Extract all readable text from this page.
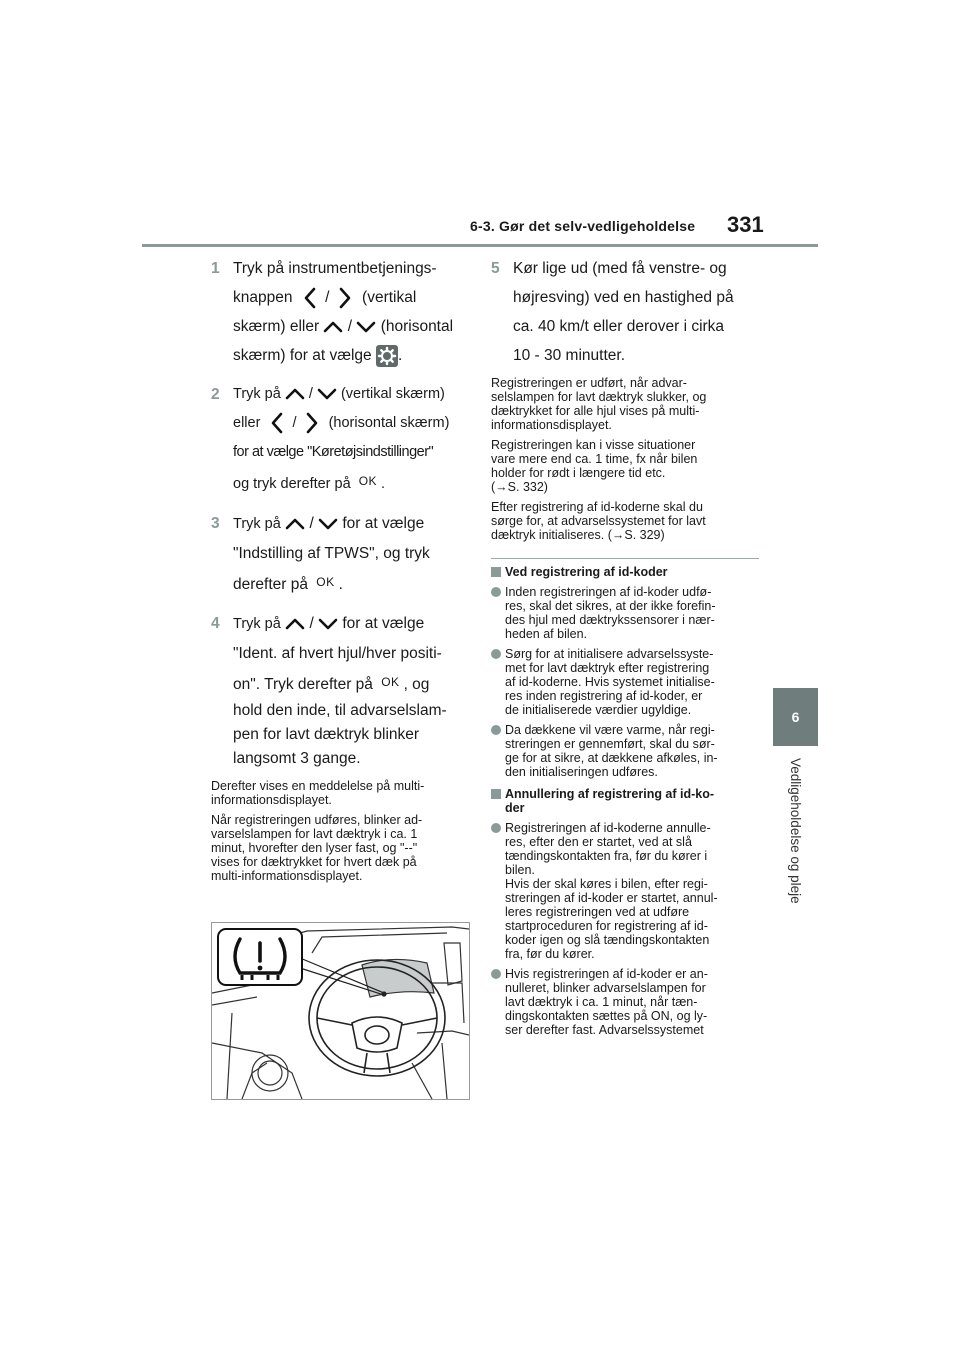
6-3. Gør det selv-vedligeholdelse 331
6
Vedligeholdelse og pleje
1 Tryk på instrumentbetjenings-
knappen / (vertikal
skærm) eller / (horisontal
skærm) for at vælge .
2 Tryk på / (vertikal skærm)
eller / (horisontal skærm)
for at vælge "Køretøjsindstillinger"
og tryk derefter på OK .
3 Tryk på / for at vælge
"Indstilling af TPWS", og tryk
derefter på OK .
4 Tryk på / for at vælge
"Ident. af hvert hjul/hver positi-
on". Tryk derefter på OK , og
hold den inde, til advarselslam-
pen for lavt dæktryk blinker
langsomt 3 gange.
Derefter vises en meddelelse på multi-
informationsdisplayet.
Når registreringen udføres, blinker ad-
varselslampen for lavt dæktryk i ca. 1
minut, hvorefter den lyser fast, og "--"
vises for dæktrykket for hvert dæk på
multi-informationsdisplayet.
5 Kør lige ud (med få venstre- og
højresving) ved en hastighed på
ca. 40 km/t eller derover i cirka
10 - 30 minutter.
Registreringen er udført, når advar-
selslampen for lavt dæktryk slukker, og
dæktrykket for alle hjul vises på multi-
informationsdisplayet.
Registreringen kan i visse situationer
vare mere end ca. 1 time, fx når bilen
holder for rødt i længere tid etc.
(→S. 332)
Efter registrering af id-koderne skal du
sørge for, at advarselssystemet for lavt
dæktryk initialiseres. (→S. 329)
Ved registrering af id-koder
Inden registreringen af id-koder udfø-
res, skal det sikres, at der ikke forefin-
des hjul med dæktrykssensorer i nær-
heden af bilen.
Sørg for at initialisere advarselssyste-
met for lavt dæktryk efter registrering
af id-koderne. Hvis systemet initialise-
res inden registrering af id-koder, er
de initialiserede værdier ugyldige.
Da dækkene vil være varme, når regi-
streringen er gennemført, skal du sør-
ge for at sikre, at dækkene afkøles, in-
den initialiseringen udføres.
Annullering af registrering af id-ko-
der
Registreringen af id-koderne annulle-
res, efter den er startet, ved at slå
tændingskontakten fra, før du kører i
bilen.
Hvis der skal køres i bilen, efter regi-
streringen af id-koder er startet, annul-
leres registreringen ved at udføre
startproceduren for registrering af id-
koder igen og slå tændingskontakten
fra, før du kører.
Hvis registreringen af id-koder er an-
nulleret, blinker advarselslampen for
lavt dæktryk i ca. 1 minut, når tæn-
dingskontakten sættes på ON, og ly-
ser derefter fast. Advarselssystemet
